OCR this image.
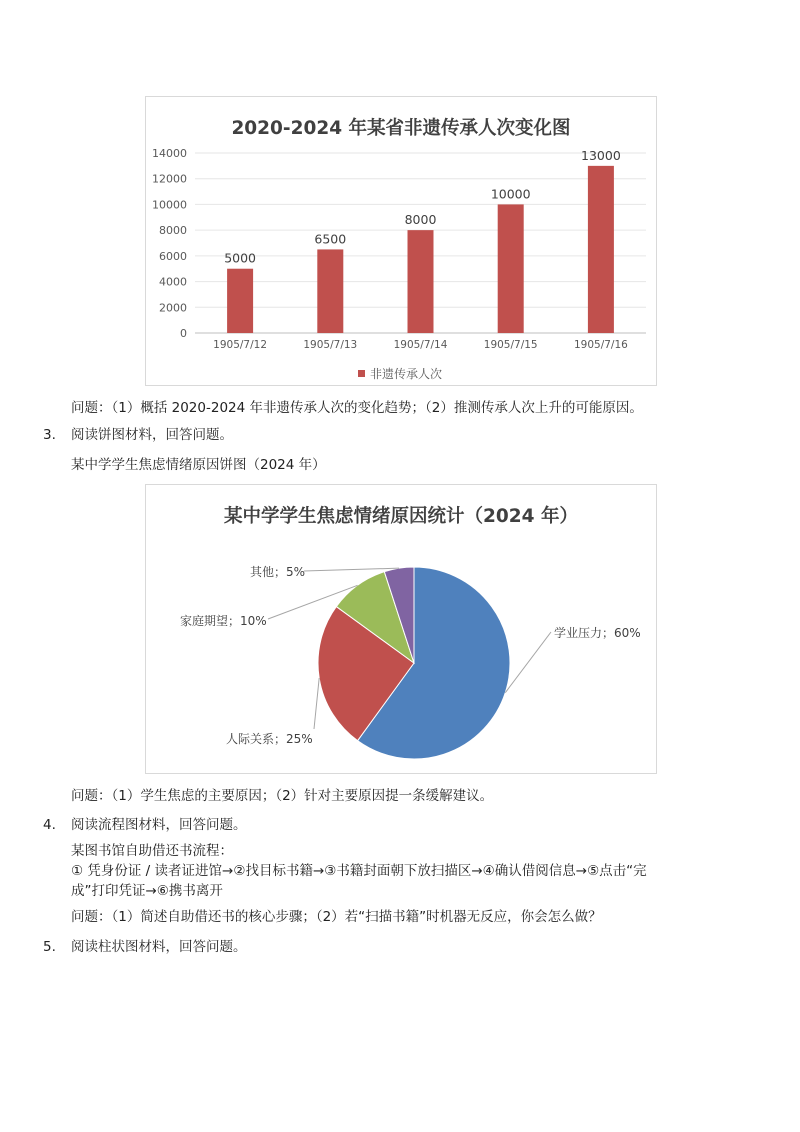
2020-2024 年某省非遗传承人次变化图
0
2000
4000
6000
8000
10000
12000
14000
5000
6500
8000
10000
13000
1905/7/12	1905/7/13	1905/7/14	1905/7/15	1905/7/16
非遗传承人次
问题：（1）概括 2020-2024 年非遗传承人次的变化趋势；（2）推测传承人次上升的可能原因。
3. 阅读饼图材料，回答问题。
某中学学生焦虑情绪原因饼图（2024 年）
某中学学生焦虑情绪原因统计（2024 年）
学业压力；60%
人际关系；25%
家庭期望；10%
其他；5%
问题：（1）学生焦虑的主要原因；（2）针对主要原因提一条缓解建议。
4. 阅读流程图材料，回答问题。
某图书馆自助借还书流程：
① 凭身份证 / 读者证进馆→②找目标书籍→③书籍封面朝下放扫描区→④确认借阅信息→⑤点击“完
成”打印凭证→⑥携书离开
问题：（1）简述自助借还书的核心步骤；（2）若“扫描书籍”时机器无反应，你会怎么做？
5. 阅读柱状图材料，回答问题。
